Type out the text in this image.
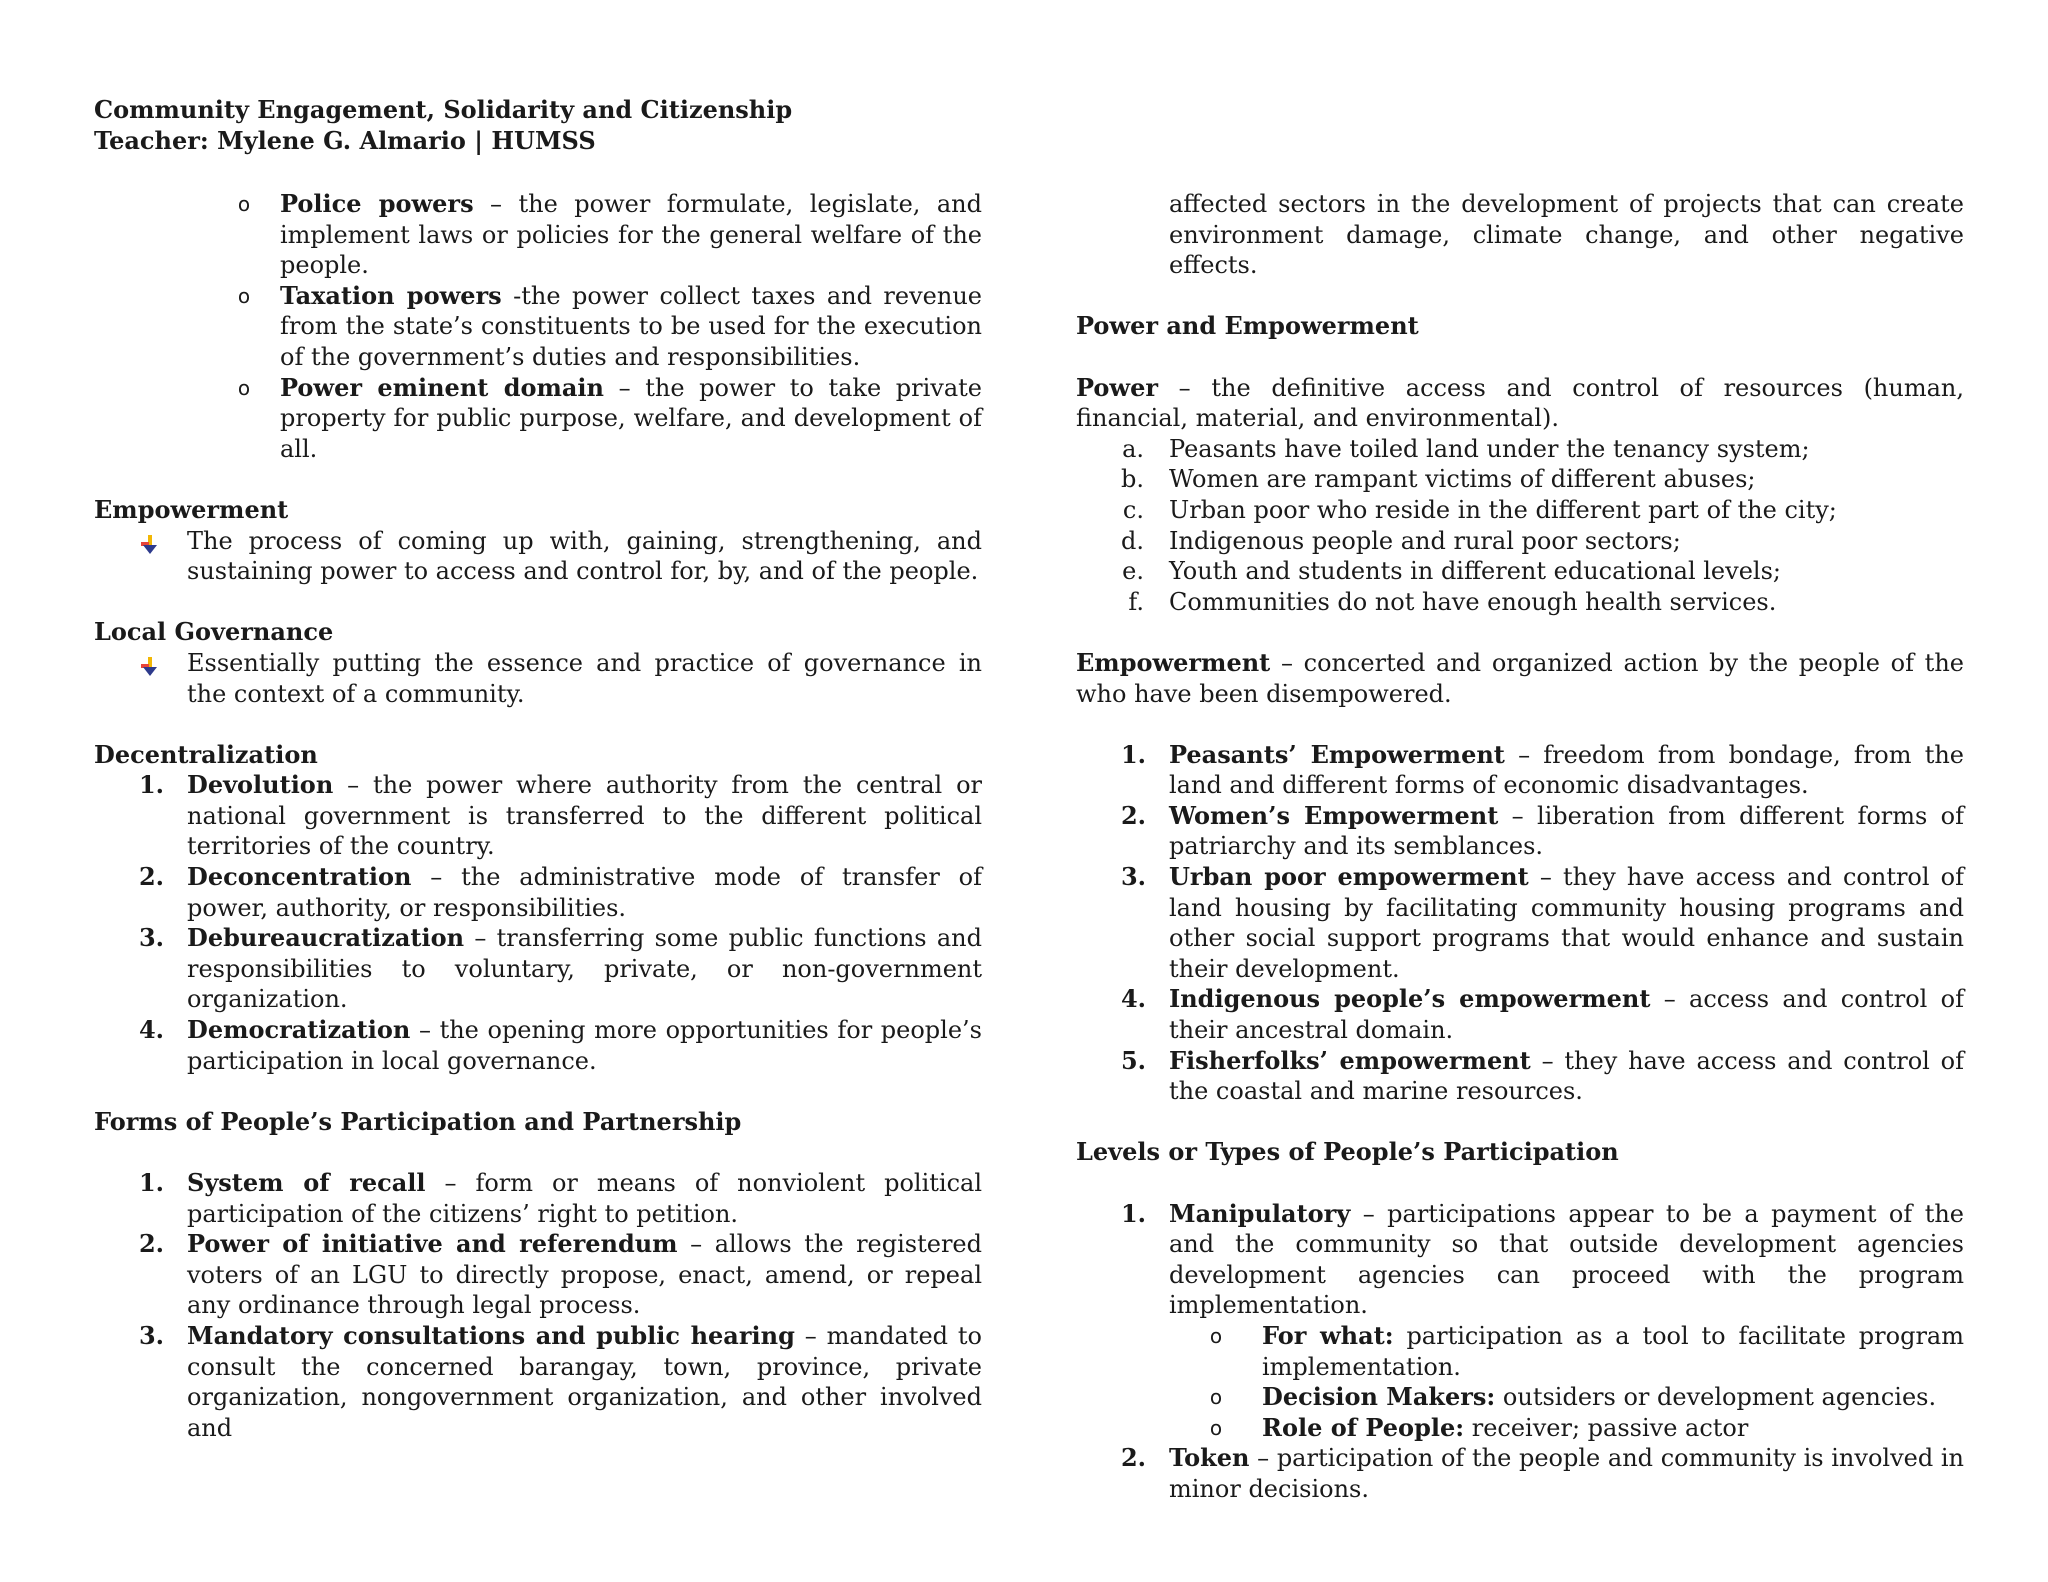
Community Engagement, Solidarity and Citizenship
Teacher: Mylene G. Almario | HUMSS
o Police powers – the power formulate, legislate, and implement laws or policies for the general welfare of the people.
o Taxation powers -the power collect taxes and revenue from the state’s constituents to be used for the execution of the government’s duties and responsibilities.
o Power eminent domain – the power to take private property for public purpose, welfare, and development of all.
Empowerment
The process of coming up with, gaining, strengthening, and sustaining power to access and control for, by, and of the people.
Local Governance
Essentially putting the essence and practice of governance in the context of a community.
Decentralization
1. Devolution – the power where authority from the central or national government is transferred to the different political territories of the country.
2. Deconcentration – the administrative mode of transfer of power, authority, or responsibilities.
3. Debureaucratization – transferring some public functions and responsibilities to voluntary, private, or non-government organization.
4. Democratization – the opening more opportunities for people’s participation in local governance.
Forms of People’s Participation and Partnership
1. System of recall – form or means of nonviolent political participation of the citizens’ right to petition.
2. Power of initiative and referendum – allows the registered voters of an LGU to directly propose, enact, amend, or repeal any ordinance through legal process.
3. Mandatory consultations and public hearing – mandated to consult the concerned barangay, town, province, private organization, nongovernment organization, and other involved and
affected sectors in the development of projects that can create environment damage, climate change, and other negative effects.
Power and Empowerment
Power – the definitive access and control of resources (human, financial, material, and environmental).
a. Peasants have toiled land under the tenancy system;
b. Women are rampant victims of different abuses;
c. Urban poor who reside in the different part of the city;
d. Indigenous people and rural poor sectors;
e. Youth and students in different educational levels;
f. Communities do not have enough health services.
Empowerment – concerted and organized action by the people of the who have been disempowered.
1. Peasants’ Empowerment – freedom from bondage, from the land and different forms of economic disadvantages.
2. Women’s Empowerment – liberation from different forms of patriarchy and its semblances.
3. Urban poor empowerment – they have access and control of land housing by facilitating community housing programs and other social support programs that would enhance and sustain their development.
4. Indigenous people’s empowerment – access and control of their ancestral domain.
5. Fisherfolks’ empowerment – they have access and control of the coastal and marine resources.
Levels or Types of People’s Participation
1. Manipulatory – participations appear to be a payment of the and the community so that outside development agencies development agencies can proceed with the program implementation.
o For what: participation as a tool to facilitate program implementation.
o Decision Makers: outsiders or development agencies.
o Role of People: receiver; passive actor
2. Token – participation of the people and community is involved in minor decisions.
